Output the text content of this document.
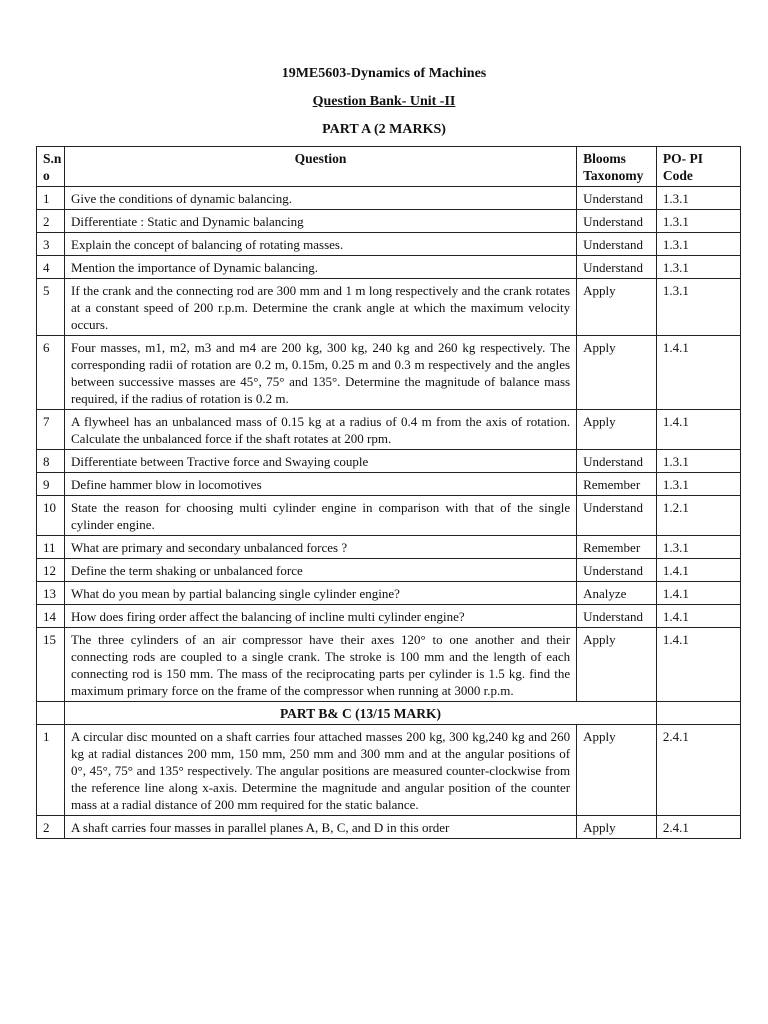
19ME5603-Dynamics of Machines
Question Bank- Unit -II
PART A (2 MARKS)
S.n o	Question	Blooms Taxonomy	PO- PI Code
1	Give the conditions of dynamic balancing.	Understand	1.3.1
2	Differentiate : Static and Dynamic balancing	Understand	1.3.1
3	Explain the concept of balancing of rotating masses.	Understand	1.3.1
4	Mention the importance of Dynamic balancing.	Understand	1.3.1
5	If the crank and the connecting rod are 300 mm and 1 m long respectively and the crank rotates at a constant speed of 200 r.p.m. Determine the crank angle at which the maximum velocity occurs.	Apply	1.3.1
6	Four masses, m1, m2, m3 and m4 are 200 kg, 300 kg, 240 kg and 260 kg respectively. The corresponding radii of rotation are 0.2 m, 0.15m, 0.25 m and 0.3 m respectively and the angles between successive masses are 45°, 75° and 135°. Determine the magnitude of balance mass required, if the radius of rotation is 0.2 m.	Apply	1.4.1
7	A flywheel has an unbalanced mass of 0.15 kg at a radius of 0.4 m from the axis of rotation. Calculate the unbalanced force if the shaft rotates at 200 rpm.	Apply	1.4.1
8	Differentiate between Tractive force and Swaying couple	Understand	1.3.1
9	Define hammer blow in locomotives	Remember	1.3.1
10	State the reason for choosing multi cylinder engine in comparison with that of the single cylinder engine.	Understand	1.2.1
11	What are primary and secondary unbalanced forces ?	Remember	1.3.1
12	Define the term shaking or unbalanced force	Understand	1.4.1
13	What do you mean by partial balancing single cylinder engine?	Analyze	1.4.1
14	How does firing order affect the balancing of incline multi cylinder engine?	Understand	1.4.1
15	The three cylinders of an air compressor have their axes 120° to one another and their connecting rods are coupled to a single crank. The stroke is 100 mm and the length of each connecting rod is 150 mm. The mass of the reciprocating parts per cylinder is 1.5 kg. find the maximum primary force on the frame of the compressor when running at 3000 r.p.m.	Apply	1.4.1
	PART B& C (13/15 MARK)		
1	A circular disc mounted on a shaft carries four attached masses 200 kg, 300 kg,240 kg and 260 kg at radial distances 200 mm, 150 mm, 250 mm and 300 mm and at the angular positions of 0°, 45°, 75° and 135° respectively. The angular positions are measured counter-clockwise from the reference line along x-axis. Determine the magnitude and angular position of the counter mass at a radial distance of 200 mm required for the static balance.	Apply	2.4.1
2	A shaft carries four masses in parallel planes A, B, C, and D in this order	Apply	2.4.1
